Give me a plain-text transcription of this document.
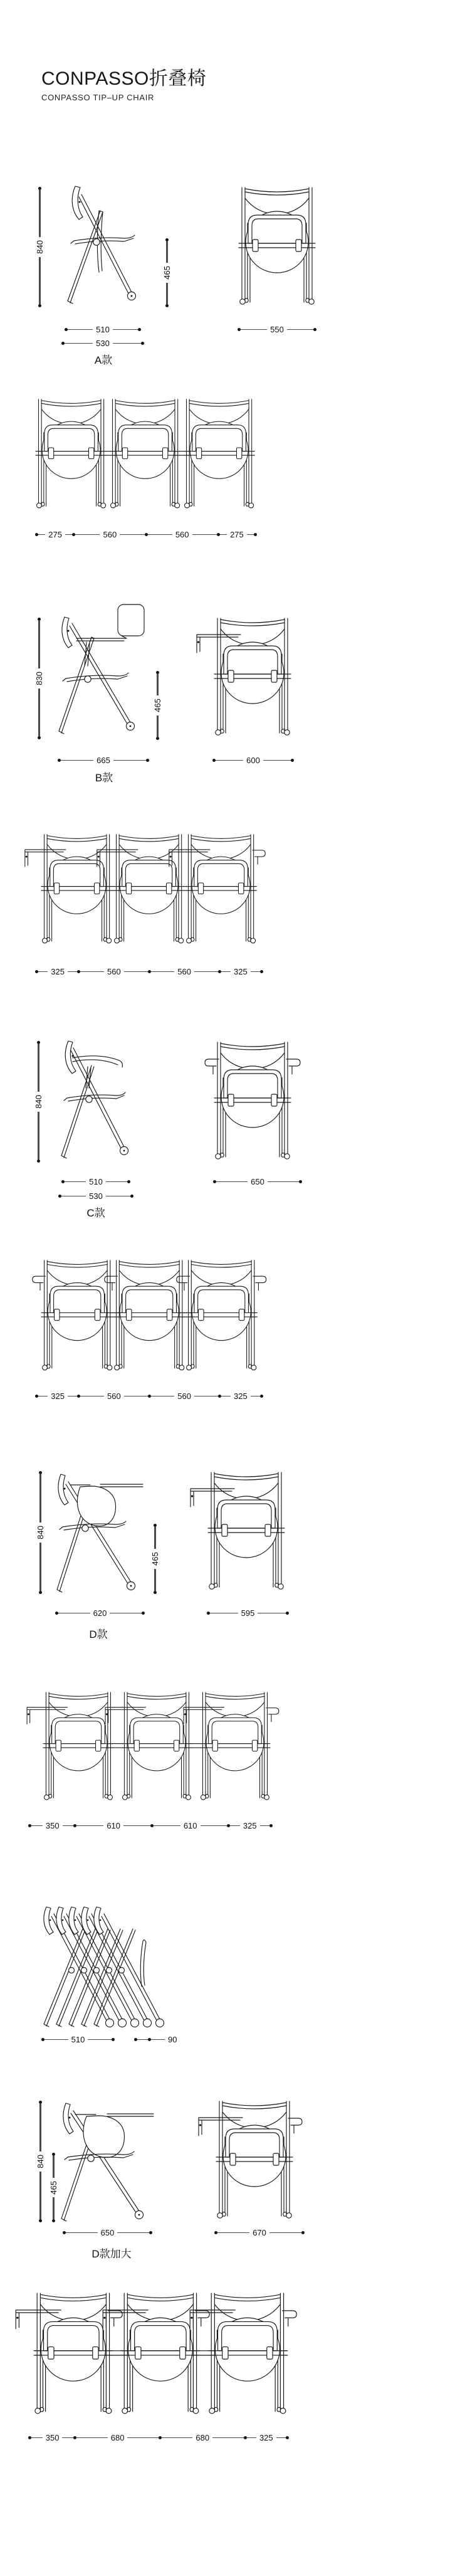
CONPASSO折叠椅
CONPASSO TIP–UP CHAIR
840
465
510
530
A款
550
275	560	560	275
830
465
665
B款
600
325	560	560	325
840
510
530
C款
650
325	560	560	325
840
465
620
D款
595
350	610	610	325
510	90
840
465
650
D款加大
670
350	680	680	325
